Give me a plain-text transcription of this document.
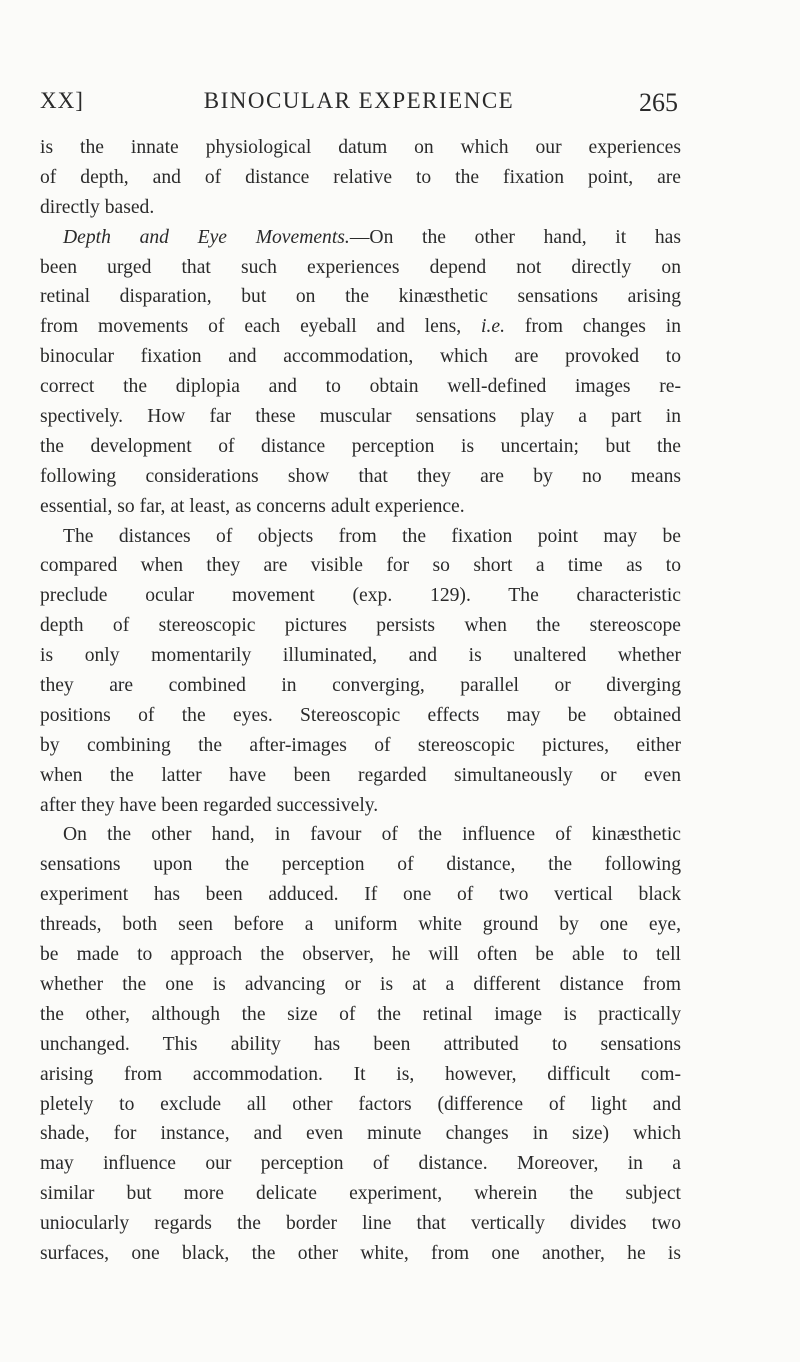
XX]	BINOCULAR EXPERIENCE	265
is the innate physiological datum on which our experiences
of depth, and of distance relative to the fixation point, are
directly based.
Depth and Eye Movements.—On the other hand, it has
been urged that such experiences depend not directly on
retinal disparation, but on the kinæsthetic sensations arising
from movements of each eyeball and lens, i.e. from changes in
binocular fixation and accommodation, which are provoked to
correct the diplopia and to obtain well-defined images re-
spectively. How far these muscular sensations play a part in
the development of distance perception is uncertain; but the
following considerations show that they are by no means
essential, so far, at least, as concerns adult experience.
The distances of objects from the fixation point may be
compared when they are visible for so short a time as to
preclude ocular movement (exp. 129). The characteristic
depth of stereoscopic pictures persists when the stereoscope
is only momentarily illuminated, and is unaltered whether
they are combined in converging, parallel or diverging
positions of the eyes. Stereoscopic effects may be obtained
by combining the after-images of stereoscopic pictures, either
when the latter have been regarded simultaneously or even
after they have been regarded successively.
On the other hand, in favour of the influence of kinæsthetic
sensations upon the perception of distance, the following
experiment has been adduced. If one of two vertical black
threads, both seen before a uniform white ground by one eye,
be made to approach the observer, he will often be able to tell
whether the one is advancing or is at a different distance from
the other, although the size of the retinal image is practically
unchanged. This ability has been attributed to sensations
arising from accommodation. It is, however, difficult com-
pletely to exclude all other factors (difference of light and
shade, for instance, and even minute changes in size) which
may influence our perception of distance. Moreover, in a
similar but more delicate experiment, wherein the subject
uniocularly regards the border line that vertically divides two
surfaces, one black, the other white, from one another, he is
